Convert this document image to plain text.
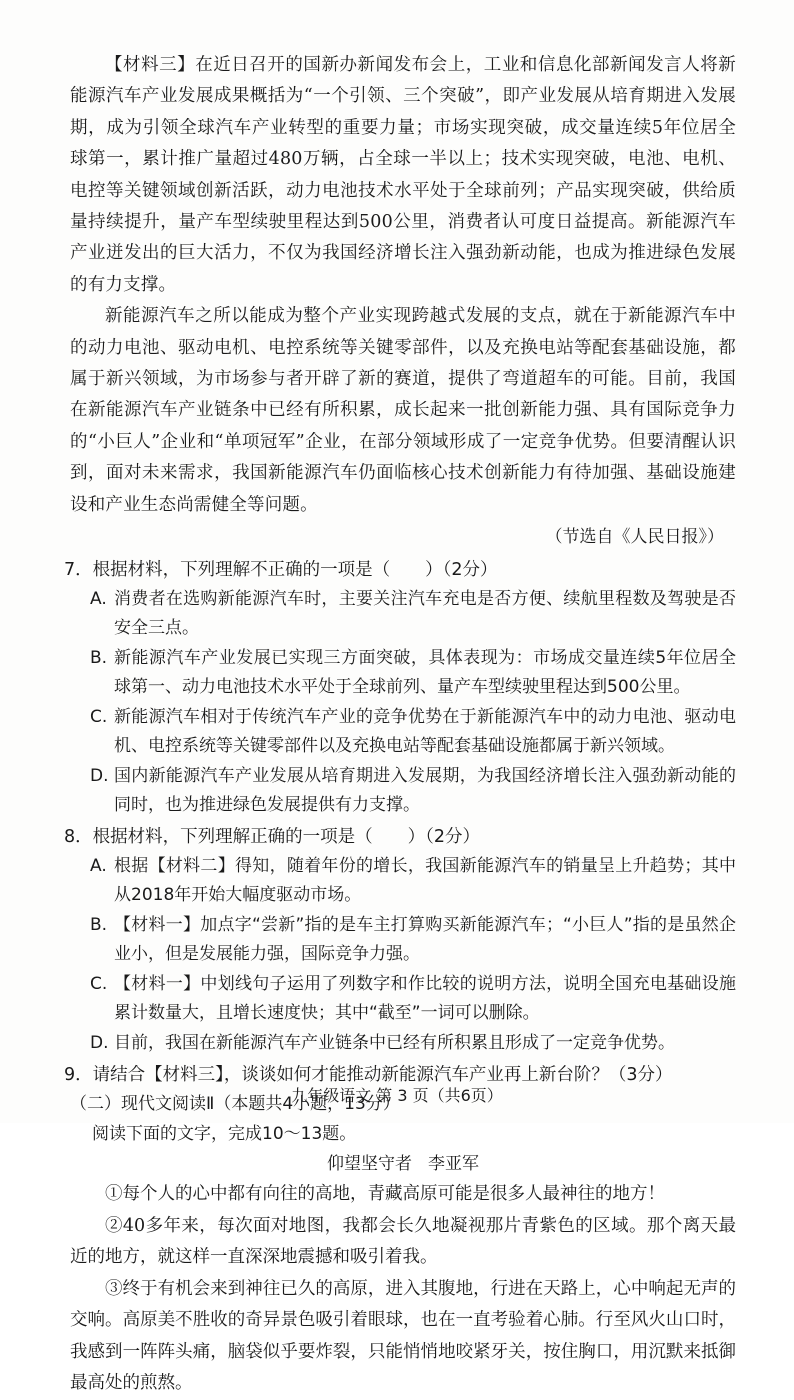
【材料三】在近日召开的国新办新闻发布会上，工业和信息化部新闻发言人将新能源汽车产业发展成果概括为“一个引领、三个突破”，即产业发展从培育期进入发展期，成为引领全球汽车产业转型的重要力量；市场实现突破，成交量连续5年位居全球第一，累计推广量超过480万辆，占全球一半以上；技术实现突破，电池、电机、电控等关键领域创新活跃，动力电池技术水平处于全球前列；产品实现突破，供给质量持续提升，量产车型续驶里程达到500公里，消费者认可度日益提高。新能源汽车产业迸发出的巨大活力，不仅为我国经济增长注入强劲新动能，也成为推进绿色发展的有力支撑。

新能源汽车之所以能成为整个产业实现跨越式发展的支点，就在于新能源汽车中的动力电池、驱动电机、电控系统等关键零部件，以及充换电站等配套基础设施，都属于新兴领域，为市场参与者开辟了新的赛道，提供了弯道超车的可能。目前，我国在新能源汽车产业链条中已经有所积累，成长起来一批创新能力强、具有国际竞争力的“小巨人”企业和“单项冠军”企业，在部分领域形成了一定竞争优势。但要清醒认识到，面对未来需求，我国新能源汽车仍面临核心技术创新能力有待加强、基础设施建设和产业生态尚需健全等问题。

（节选自《人民日报》）

7．根据材料，下列理解不正确的一项是（　　）（2分）

A. 消费者在选购新能源汽车时，主要关注汽车充电是否方便、续航里程数及驾驶是否安全三点。
B. 新能源汽车产业发展已实现三方面突破，具体表现为：市场成交量连续5年位居全球第一、动力电池技术水平处于全球前列、量产车型续驶里程达到500公里。
C. 新能源汽车相对于传统汽车产业的竞争优势在于新能源汽车中的动力电池、驱动电机、电控系统等关键零部件以及充换电站等配套基础设施都属于新兴领域。
D. 国内新能源汽车产业发展从培育期进入发展期，为我国经济增长注入强劲新动能的同时，也为推进绿色发展提供有力支撑。

8．根据材料，下列理解正确的一项是（　　）（2分）

A. 根据【材料二】得知，随着年份的增长，我国新能源汽车的销量呈上升趋势；其中从2018年开始大幅度驱动市场。
B. 【材料一】加点字“尝新”指的是车主打算购买新能源汽车；“小巨人”指的是虽然企业小，但是发展能力强，国际竞争力强。
C. 【材料一】中划线句子运用了列数字和作比较的说明方法，说明全国充电基础设施累计数量大，且增长速度快；其中“截至”一词可以删除。
D. 目前，我国在新能源汽车产业链条中已经有所积累且形成了一定竞争优势。

9．请结合【材料三】，谈谈如何才能推动新能源汽车产业再上新台阶？（3分）

（二）现代文阅读Ⅱ（本题共4小题，13分）

阅读下面的文字，完成10～13题。

仰望坚守者 李亚军

①每个人的心中都有向往的高地，青藏高原可能是很多人最神往的地方！

②40多年来，每次面对地图，我都会长久地凝视那片青紫色的区域。那个离天最近的地方，就这样一直深深地震撼和吸引着我。

③终于有机会来到神往已久的高原，进入其腹地，行进在天路上，心中响起无声的交响。高原美不胜收的奇异景色吸引着眼球，也在一直考验着心肺。行至风火山口时，我感到一阵阵头痛，脑袋似乎要炸裂，只能悄悄地咬紧牙关，按住胸口，用沉默来抵御最高处的煎熬。

九年级语文 第 3 页（共6页）
